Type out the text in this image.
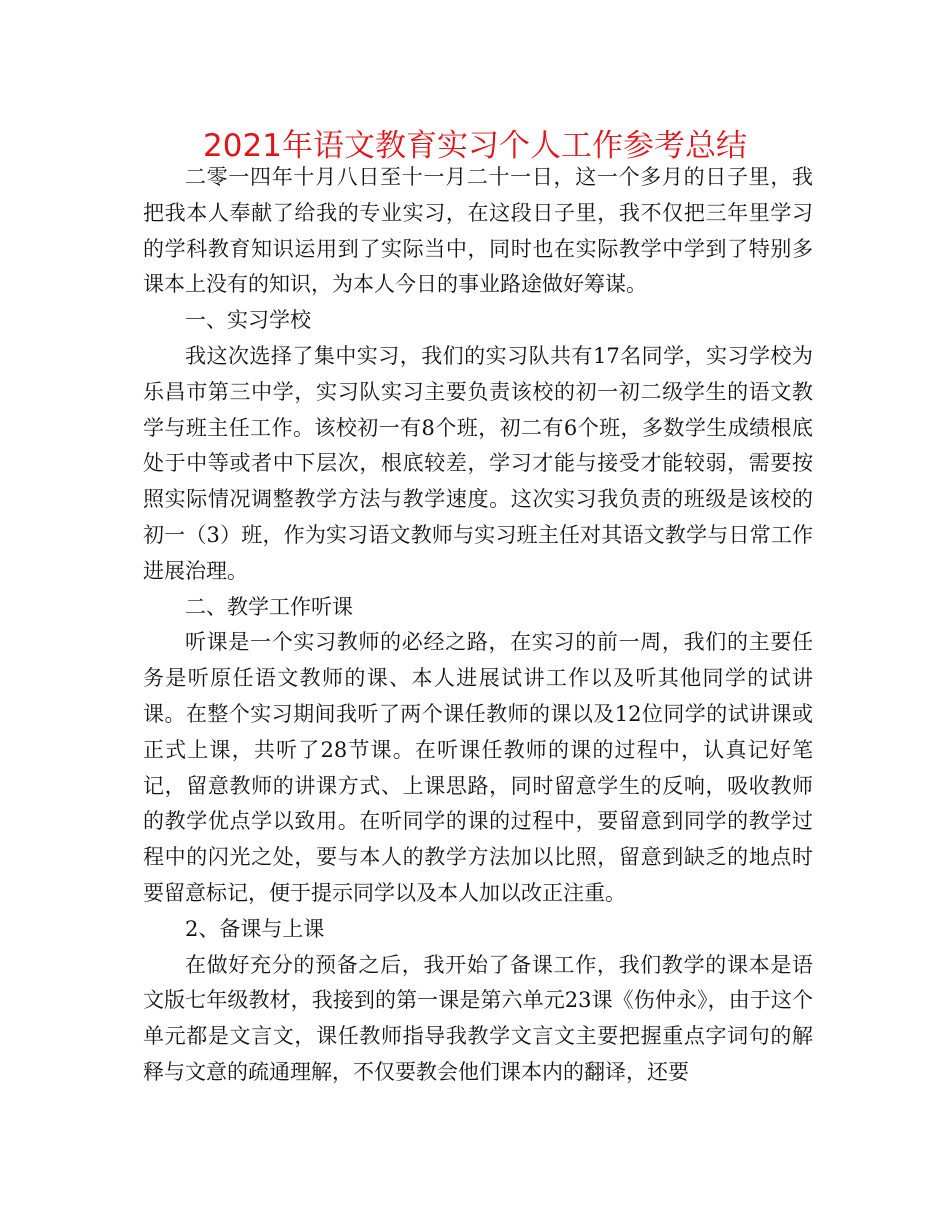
2021年语文教育实习个人工作参考总结

二零一四年十月八日至十一月二十一日，这一个多月的日子里，我把我本人奉献了给我的专业实习，在这段日子里，我不仅把三年里学习的学科教育知识运用到了实际当中，同时也在实际教学中学到了特别多课本上没有的知识，为本人今日的事业路途做好筹谋。

一、实习学校

我这次选择了集中实习，我们的实习队共有17名同学，实习学校为乐昌市第三中学，实习队实习主要负责该校的初一初二级学生的语文教学与班主任工作。该校初一有8个班，初二有6个班，多数学生成绩根底处于中等或者中下层次，根底较差，学习才能与接受才能较弱，需要按照实际情况调整教学方法与教学速度。这次实习我负责的班级是该校的初一（3）班，作为实习语文教师与实习班主任对其语文教学与日常工作进展治理。

二、教学工作听课

听课是一个实习教师的必经之路，在实习的前一周，我们的主要任务是听原任语文教师的课、本人进展试讲工作以及听其他同学的试讲课。在整个实习期间我听了两个课任教师的课以及12位同学的试讲课或正式上课，共听了28节课。在听课任教师的课的过程中，认真记好笔记，留意教师的讲课方式、上课思路，同时留意学生的反响，吸收教师的教学优点学以致用。在听同学的课的过程中，要留意到同学的教学过程中的闪光之处，要与本人的教学方法加以比照，留意到缺乏的地点时要留意标记，便于提示同学以及本人加以改正注重。

2、备课与上课

在做好充分的预备之后，我开始了备课工作，我们教学的课本是语文版七年级教材，我接到的第一课是第六单元23课《伤仲永》，由于这个单元都是文言文，课任教师指导我教学文言文主要把握重点字词句的解释与文意的疏通理解，不仅要教会他们课本内的翻译，还要
